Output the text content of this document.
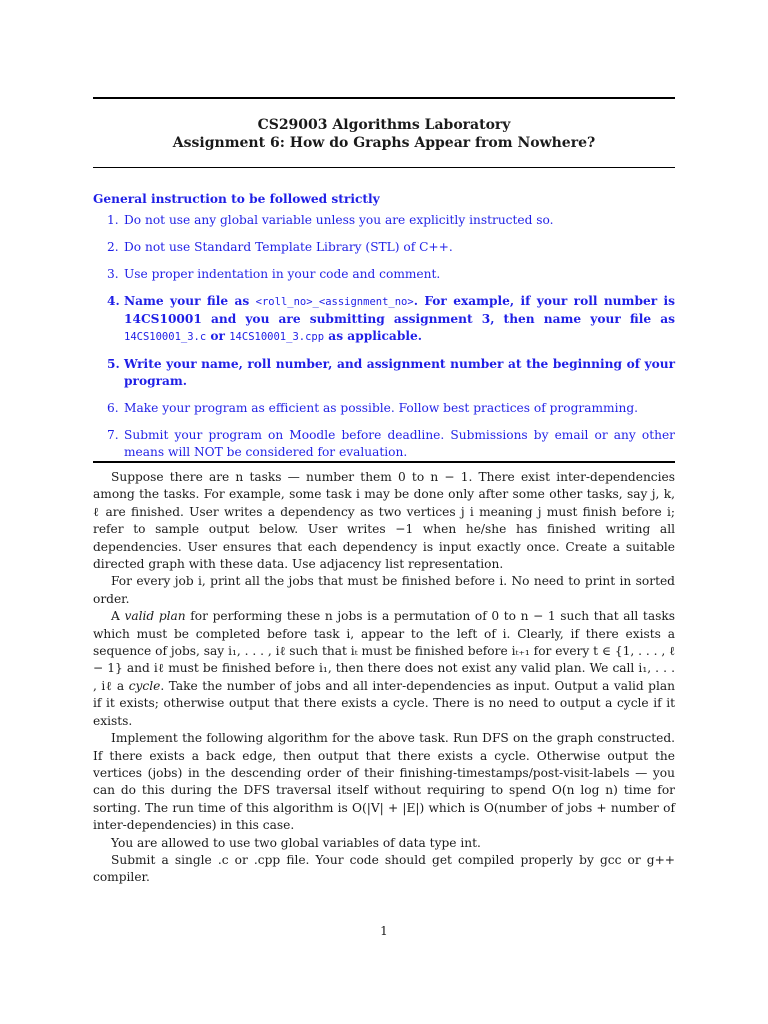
CS29003 Algorithms Laboratory
Assignment 6: How do Graphs Appear from Nowhere?
General instruction to be followed strictly
1. Do not use any global variable unless you are explicitly instructed so.
2. Do not use Standard Template Library (STL) of C++.
3. Use proper indentation in your code and comment.
4. Name your file as <roll_no>_<assignment_no>. For example, if your roll number is 14CS10001 and you are submitting assignment 3, then name your file as 14CS10001_3.c or 14CS10001_3.cpp as applicable.
5. Write your name, roll number, and assignment number at the beginning of your program.
6. Make your program as efficient as possible. Follow best practices of programming.
7. Submit your program on Moodle before deadline. Submissions by email or any other means will NOT be considered for evaluation.

Suppose there are n tasks — number them 0 to n − 1. There exist inter-dependencies among the tasks. For example, some task i may be done only after some other tasks, say j, k, ℓ are finished. User writes a dependency as two vertices j i meaning j must finish before i; refer to sample output below. User writes −1 when he/she has finished writing all dependencies. User ensures that each dependency is input exactly once. Create a suitable directed graph with these data. Use adjacency list representation.

For every job i, print all the jobs that must be finished before i. No need to print in sorted order.

A valid plan for performing these n jobs is a permutation of 0 to n − 1 such that all tasks which must be completed before task i, appear to the left of i. Clearly, if there exists a sequence of jobs, say i₁, . . . , iℓ such that iₜ must be finished before iₜ₊₁ for every t ∈ {1, . . . , ℓ − 1} and iℓ must be finished before i₁, then there does not exist any valid plan. We call i₁, . . . , iℓ a cycle. Take the number of jobs and all inter-dependencies as input. Output a valid plan if it exists; otherwise output that there exists a cycle. There is no need to output a cycle if it exists.

Implement the following algorithm for the above task. Run DFS on the graph constructed. If there exists a back edge, then output that there exists a cycle. Otherwise output the vertices (jobs) in the descending order of their finishing-timestamps/post-visit-labels — you can do this during the DFS traversal itself without requiring to spend O(n log n) time for sorting. The run time of this algorithm is O(|V| + |E|) which is O(number of jobs + number of inter-dependencies) in this case.

You are allowed to use two global variables of data type int.

Submit a single .c or .cpp file. Your code should get compiled properly by gcc or g++ compiler.

1
